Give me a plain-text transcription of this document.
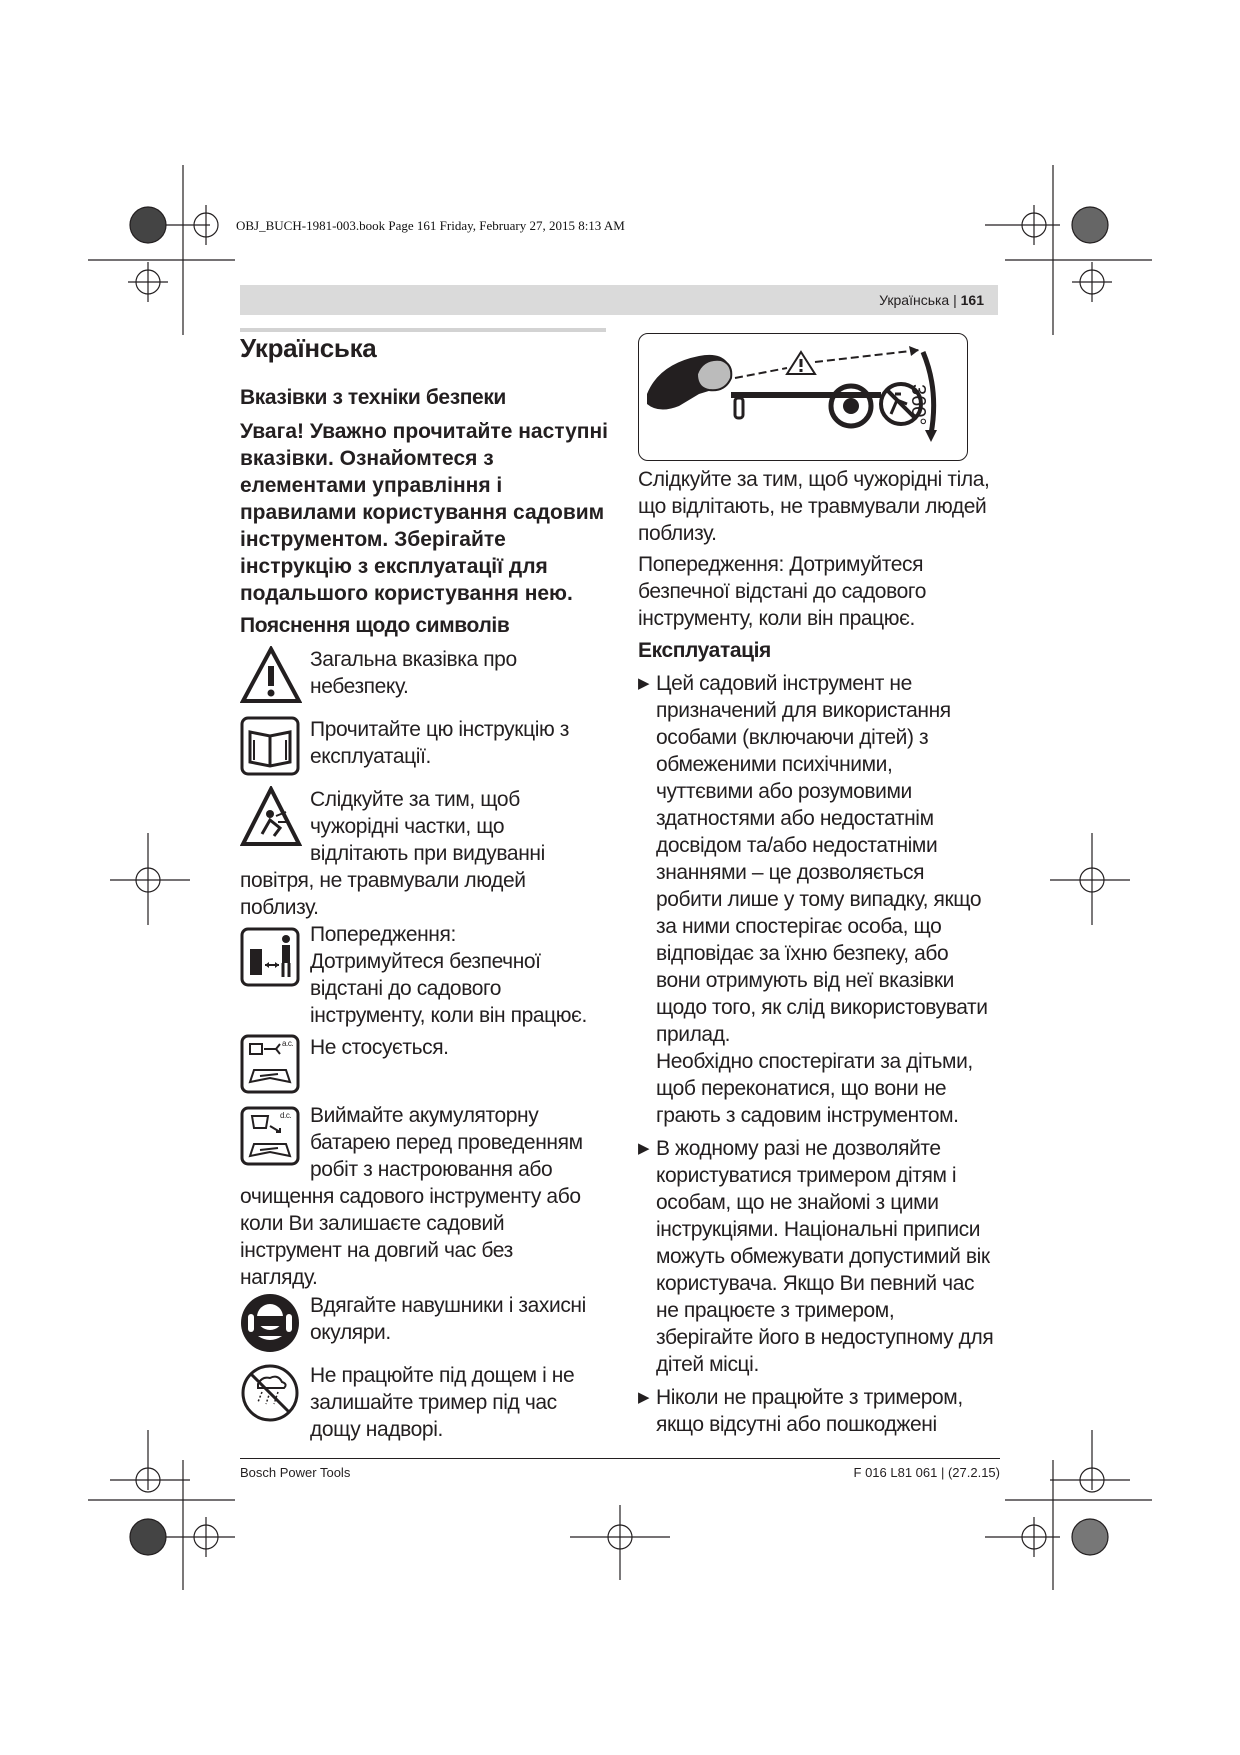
OBJ_BUCH-1981-003.book Page 161 Friday, February 27, 2015 8:13 AM
Українська | 161
Українська
Вказівки з техніки безпеки
Увага! Уважно прочитайте наступні
вказівки. Ознайомтеся з
елементами управління і
правилами користування садовим
інструментом. Зберігайте
інструкцію з експлуатації для
подальшого користування нею.
Пояснення щодо символів
Загальна вказівка про
небезпеку.
Прочитайте цю інструкцію з
експлуатації.
Слідкуйте за тим, щоб
чужорідні частки, що
відлітають при видуванні
повітря, не травмували людей
поблизу.
Попередження:
Дотримуйтеся безпечної
відстані до садового
інструменту, коли він працює.
a.c. Не стосується.
d.c. Виймайте акумуляторну
батарею перед проведенням
робіт з настроювання або
очищення садового інструменту або
коли Ви залишаєте садовий
інструмент на довгий час без
нагляду.
Вдягайте навушники і захисні
окуляри.
Не працюйте під дощем і не
залишайте тример під час
дощу надворі.
360°
Слідкуйте за тим, щоб чужорідні тіла,
що відлітають, не травмували людей
поблизу.
Попередження: Дотримуйтеся
безпечної відстані до садового
інструменту, коли він працює.
Експлуатація
▶ Цей садовий інструмент не
призначений для використання
особами (включаючи дітей) з
обмеженими психічними,
чуттєвими або розумовими
здатностями або недостатнім
досвідом та/або недостатніми
знаннями – це дозволяється
робити лише у тому випадку, якщо
за ними спостерігає особа, що
відповідає за їхню безпеку, або
вони отримують від неї вказівки
щодо того, як слід використовувати
прилад.
Необхідно спостерігати за дітьми,
щоб переконатися, що вони не
грають з садовим інструментом.
▶ В жодному разі не дозволяйте
користуватися тримером дітям і
особам, що не знайомі з цими
інструкціями. Національні приписи
можуть обмежувати допустимий вік
користувача. Якщо Ви певний час
не працюєте з тримером,
зберігайте його в недоступному для
дітей місці.
▶ Ніколи не працюйте з тримером,
якщо відсутні або пошкоджені
Bosch Power Tools	F 016 L81 061 | (27.2.15)
